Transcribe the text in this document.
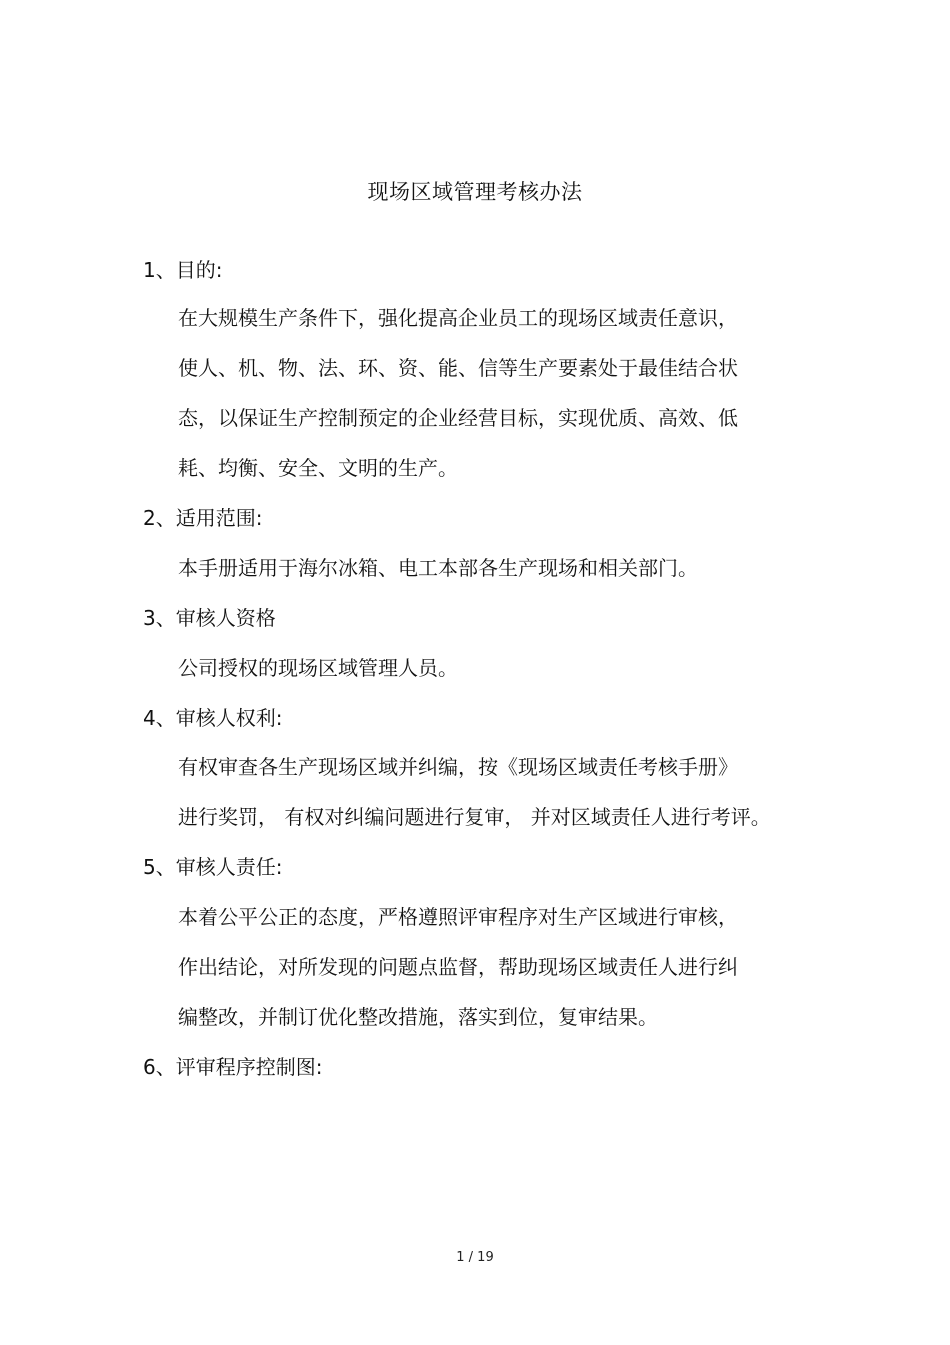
现场区域管理考核办法
1、目的:
在大规模生产条件下，强化提高企业员工的现场区域责任意识，
使人、机、物、法、环、资、能、信等生产要素处于最佳结合状
态，以保证生产控制预定的企业经营目标，实现优质、高效、低
耗、均衡、安全、文明的生产。
2、适用范围:
本手册适用于海尔冰箱、电工本部各生产现场和相关部门。
3、审核人资格
公司授权的现场区域管理人员。
4、审核人权利:
有权审查各生产现场区域并纠编，按《现场区域责任考核手册》
进行奖罚， 有权对纠编问题进行复审， 并对区域责任人进行考评。
5、审核人责任:
本着公平公正的态度，严格遵照评审程序对生产区域进行审核，
作出结论，对所发现的问题点监督，帮助现场区域责任人进行纠
编整改，并制订优化整改措施，落实到位，复审结果。
6、评审程序控制图:
1 / 19
